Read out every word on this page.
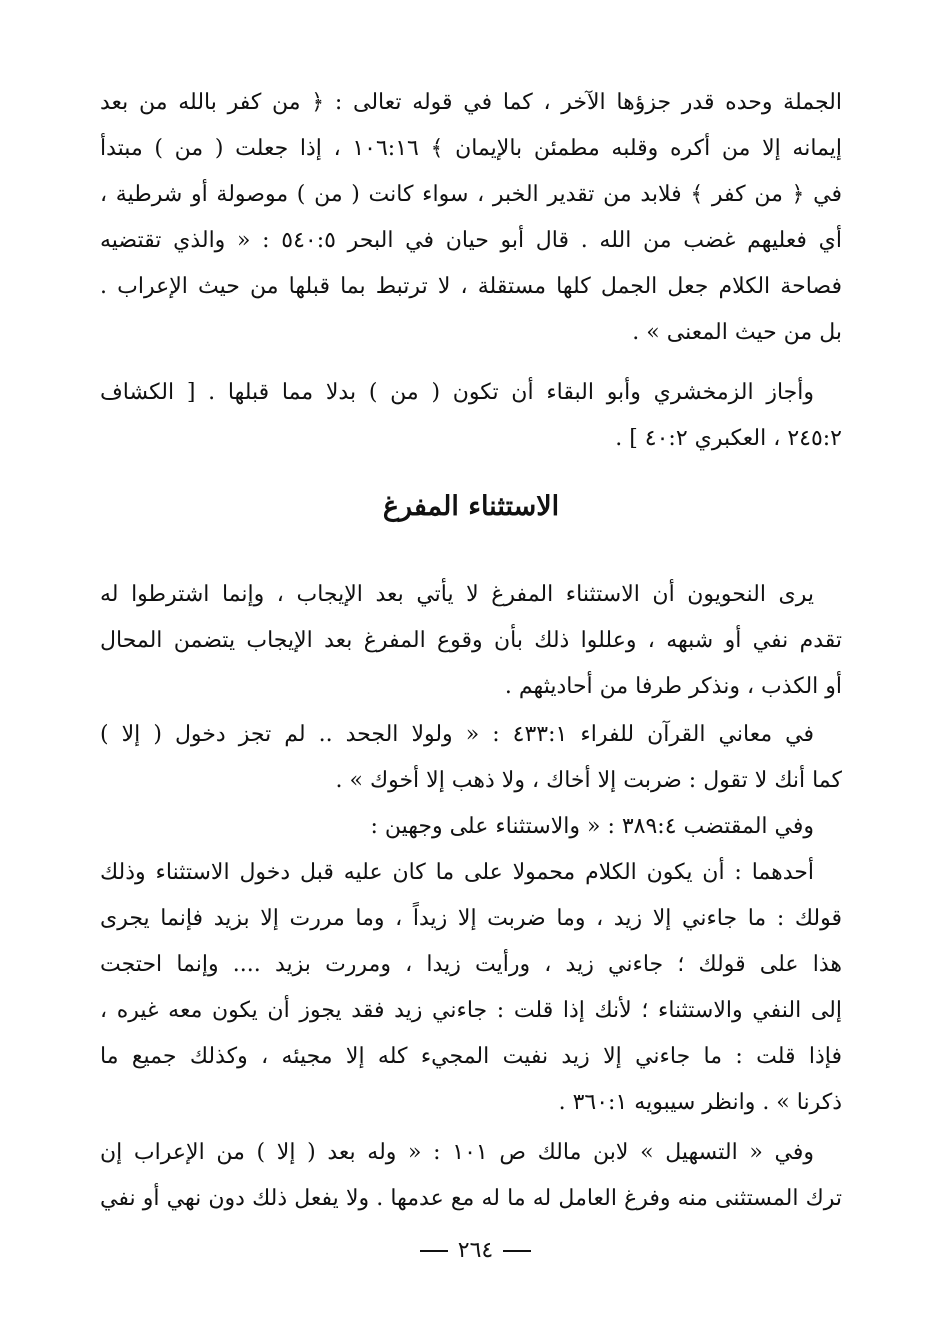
الجملة وحده قدر جزؤها الآخر ، كما في قوله تعالى : ﴿ من كفر بالله من بعد
إيمانه إلا من أكره وقلبه مطمئن بالإيمان ﴾ ١٠٦:١٦ ، إذا جعلت ( من ) مبتدأ
في ﴿ من كفر ﴾ فلابد من تقدير الخبر ، سواء كانت ( من ) موصولة أو شرطية ،
أي فعليهم غضب من الله . قال أبو حيان في البحر ٥٤٠:٥ : « والذي تقتضيه
فصاحة الكلام جعل الجمل كلها مستقلة ، لا ترتبط بما قبلها من حيث الإعراب .
بل من حيث المعنى » .
وأجاز الزمخشري وأبو البقاء أن تكون ( من ) بدلا مما قبلها . [ الكشاف
٢٤٥:٢ ، العكبري ٤٠:٢ ] .
الاستثناء المفرغ
يرى النحويون أن الاستثناء المفرغ لا يأتي بعد الإيجاب ، وإنما اشترطوا له
تقدم نفي أو شبهه ، وعللوا ذلك بأن وقوع المفرغ بعد الإيجاب يتضمن المحال
أو الكذب ، ونذكر طرفا من أحاديثهم .
في معاني القرآن للفراء ٤٣٣:١ : « ولولا الجحد .. لم تجز دخول ( إلا )
كما أنك لا تقول : ضربت إلا أخاك ، ولا ذهب إلا أخوك » .
وفي المقتضب ٣٨٩:٤ : « والاستثناء على وجهين :
أحدهما : أن يكون الكلام محمولا على ما كان عليه قبل دخول الاستثناء وذلك
قولك : ما جاءني إلا زيد ، وما ضربت إلا زيداً ، وما مررت إلا بزيد فإنما يجرى
هذا على قولك ؛ جاءني زيد ، ورأيت زيدا ، ومررت بزيد .... وإنما احتجت
إلى النفي والاستثناء ؛ لأنك إذا قلت : جاءني زيد فقد يجوز أن يكون معه غيره ،
فإذا قلت : ما جاءني إلا زيد نفيت المجيء كله إلا مجيئه ، وكذلك جميع ما
ذكرنا » . وانظر سيبويه ٣٦٠:١ .
وفي « التسهيل » لابن مالك ص ١٠١ : « وله بعد ( إلا ) من الإعراب إن
ترك المستثنى منه وفرغ العامل له ما له مع عدمها . ولا يفعل ذلك دون نهي أو نفي
٢٦٤
